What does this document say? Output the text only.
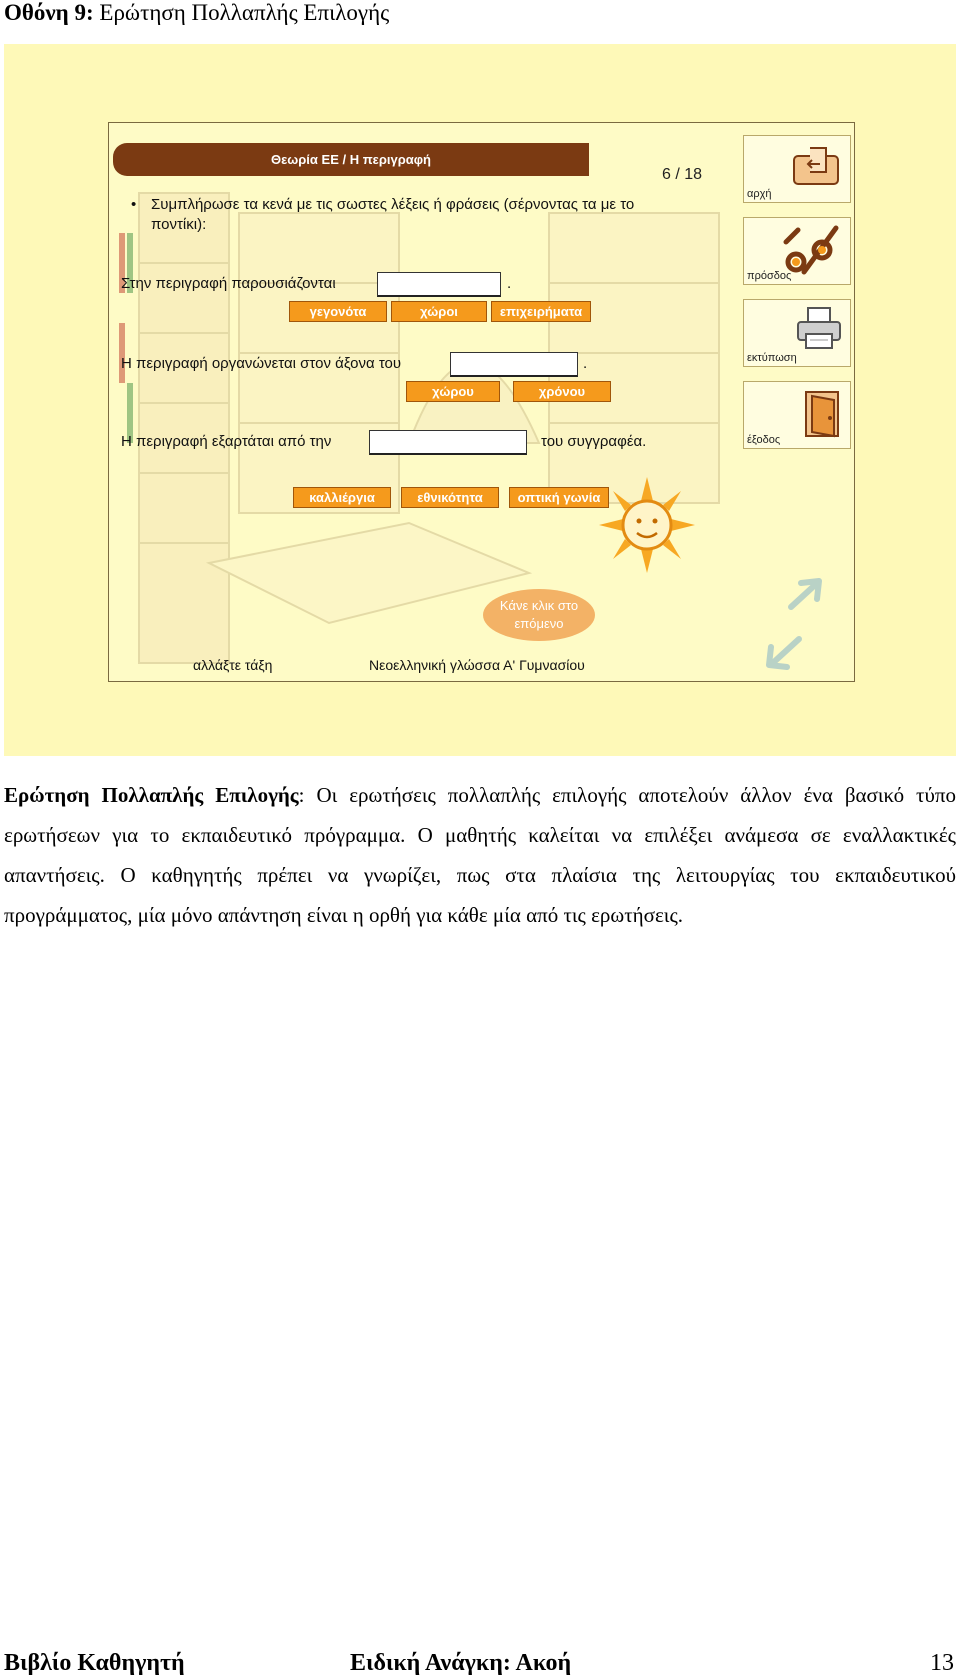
Οθόνη 9: Ερώτηση Πολλαπλής Επιλογής
Θεωρία ΕΕ / Η περιγραφή
6 / 18
• Συμπλήρωσε τα κενά με τις σωστες λέξεις ή φράσεις (σέρνοντας τα με το ποντίκι):
Στην περιγραφή παρουσιάζονται	.
γεγονότα	χώροι	επιχειρήματα
Η περιγραφή οργανώνεται στον άξονα του	.
χώρου	χρόνου
Η περιγραφή εξαρτάται από την	του συγγραφέα.
καλλιέργια	εθνικότητα	οπτική γωνία
Κάνε κλικ στο επόμενο
αλλάξτε τάξη	Νεοελληνική γλώσσα Α' Γυμνασίου
αρχή
πρόσδος
εκτύπωση
έξοδος
Ερώτηση Πολλαπλής Επιλογής: Οι ερωτήσεις πολλαπλής επιλογής αποτελούν άλλον ένα βασικό τύπο ερωτήσεων για το εκπαιδευτικό πρόγραμμα. Ο μαθητής καλείται να επιλέξει ανάμεσα σε εναλλακτικές απαντήσεις. Ο καθηγητής πρέπει να γνωρίζει, πως στα πλαίσια της λειτουργίας του εκπαιδευτικού προγράμματος, μία μόνο απάντηση είναι η ορθή για κάθε μία από τις ερωτήσεις.
Βιβλίο Καθηγητή	Ειδική Ανάγκη: Ακοή	13
